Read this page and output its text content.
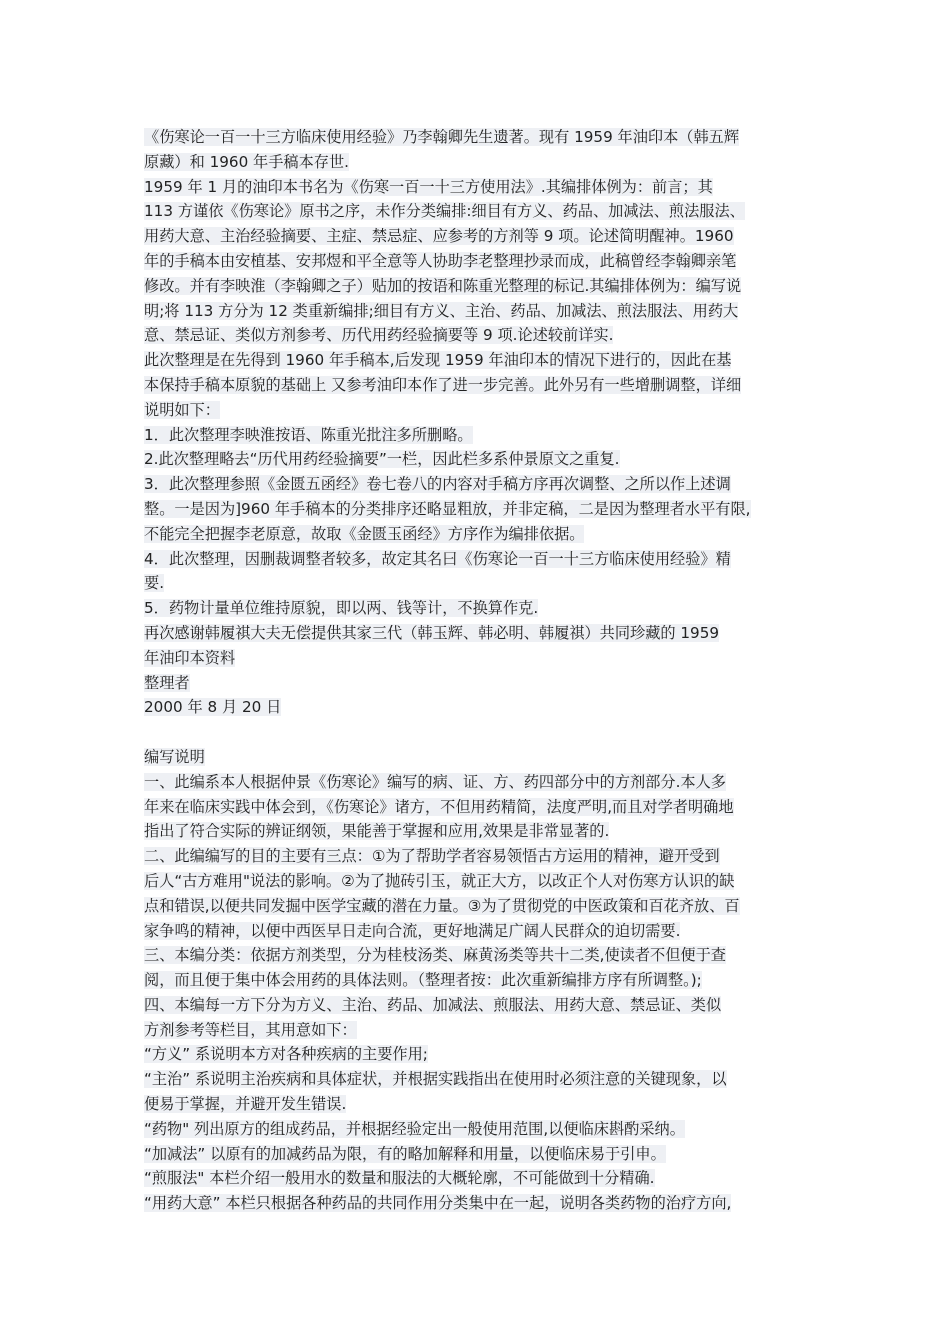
《伤寒论一百一十三方临床使用经验》乃李翰卿先生遗著。现有 1959 年油印本（韩五辉
原藏）和 1960 年手稿本存世.
1959 年 1 月的油印本书名为《伤寒一百一十三方使用法》.其编排体例为：前言；其
113 方谨依《伤寒论》原书之序，未作分类编排:细目有方义、药品、加减法、煎法服法、
用药大意、主治经验摘要、主症、禁忌症、应参考的方剂等 9 项。论述简明醒神。1960
年的手稿本由安植基、安邦煜和平全意等人协助李老整理抄录而成，此稿曾经李翰卿亲笔
修改。并有李映淮（李翰卿之子）贴加的按语和陈重光整理的标记.其编排体例为：编写说
明;将 113 方分为 12 类重新编排;细目有方义、主治、药品、加减法、煎法服法、用药大
意、禁忌证、类似方剂参考、历代用药经验摘要等 9 项.论述较前详实.
此次整理是在先得到 1960 年手稿本,后发现 1959 年油印本的情况下进行的，因此在基
本保持手稿本原貌的基础上 又参考油印本作了进一步完善。此外另有一些增删调整，详细
说明如下：
1．此次整理李映淮按语、陈重光批注多所删略。
2.此次整理略去“历代用药经验摘要”一栏，因此栏多系仲景原文之重复.
3．此次整理参照《金匮五函经》卷七卷八的内容对手稿方序再次调整、之所以作上述调
整。一是因为]960 年手稿本的分类排序还略显粗放，并非定稿，二是因为整理者水平有限,
不能完全把握李老原意，故取《金匮玉函经》方序作为编排依据。
4．此次整理，因删裁调整者较多，故定其名曰《伤寒论一百一十三方临床使用经验》精
要.
5．药物计量单位维持原貌，即以两、钱等计，不换算作克.
再次感谢韩履祺大夫无偿提供其家三代（韩玉辉、韩必明、韩履祺）共同珍藏的 1959
年油印本资料
整理者
2000 年 8 月 20 日
编写说明
一、此编系本人根据仲景《伤寒论》编写的病、证、方、药四部分中的方剂部分.本人多
年来在临床实践中体会到，《伤寒论》诸方，不但用药精简，法度严明,而且对学者明确地
指出了符合实际的辨证纲领，果能善于掌握和应用,效果是非常显著的.
二、此编编写的目的主要有三点：①为了帮助学者容易领悟古方运用的精神，避开受到
后人“古方难用"说法的影响。②为了抛砖引玉，就正大方，以改正个人对伤寒方认识的缺
点和错误,以便共同发掘中医学宝藏的潜在力量。③为了贯彻党的中医政策和百花齐放、百
家争鸣的精神，以便中西医早日走向合流，更好地满足广阔人民群众的迫切需要.
三、本编分类：依据方剂类型，分为桂枝汤类、麻黄汤类等共十二类,使读者不但便于查
阅，而且便于集中体会用药的具体法则。（整理者按：此次重新编排方序有所调整。);
四、本编每一方下分为方义、主治、药品、加减法、煎服法、用药大意、禁忌证、类似
方剂参考等栏目，其用意如下：
“方义” 系说明本方对各种疾病的主要作用;
“主治” 系说明主治疾病和具体症状，并根据实践指出在使用时必须注意的关键现象，以
便易于掌握，并避开发生错误.
“药物" 列出原方的组成药品，并根据经验定出一般使用范围,以便临床斟酌采纳。
“加减法” 以原有的加减药品为限，有的略加解释和用量，以便临床易于引申。
“煎服法" 本栏介绍一般用水的数量和服法的大概轮廓，不可能做到十分精确.
“用药大意” 本栏只根据各种药品的共同作用分类集中在一起，说明各类药物的治疗方向,
